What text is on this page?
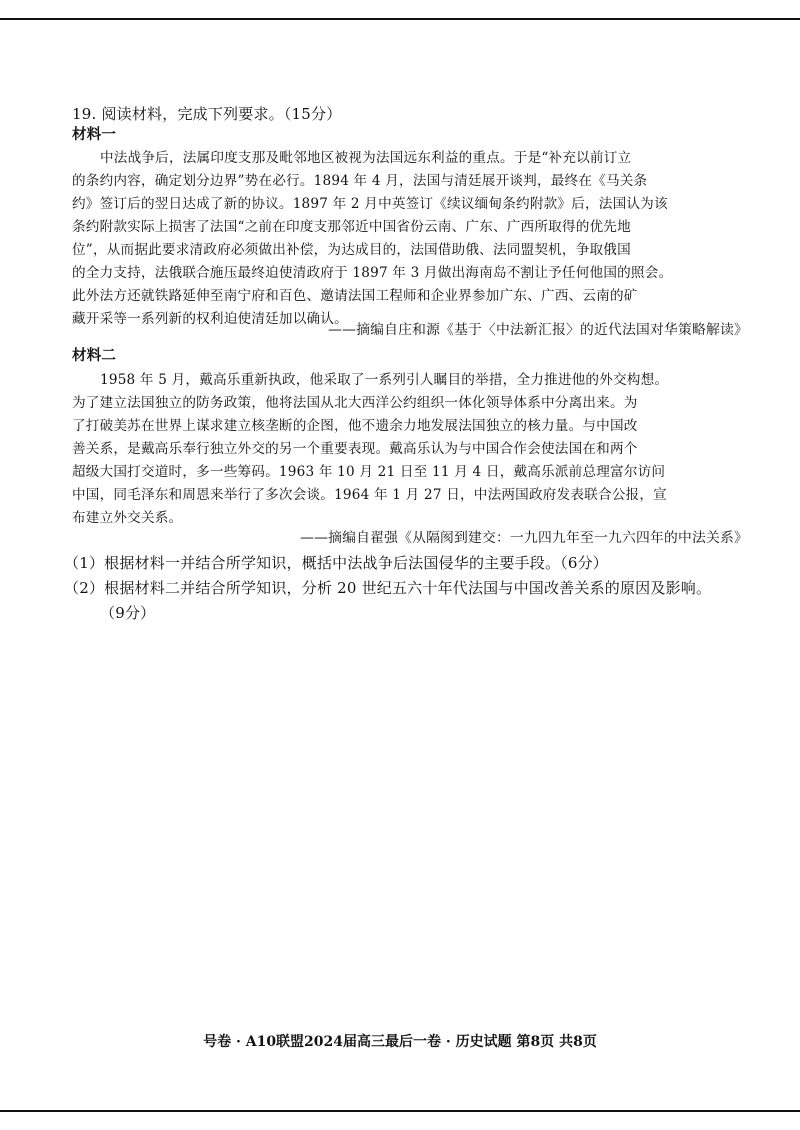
19. 阅读材料，完成下列要求。（15分）
材料一
中法战争后，法属印度支那及毗邻地区被视为法国远东利益的重点。于是“补充以前订立
的条约内容，确定划分边界”势在必行。1894 年 4 月，法国与清廷展开谈判，最终在《马关条
约》签订后的翌日达成了新的协议。1897 年 2 月中英签订《续议缅甸条约附款》后，法国认为该
条约附款实际上损害了法国“之前在印度支那邻近中国省份云南、广东、广西所取得的优先地
位”，从而据此要求清政府必须做出补偿，为达成目的，法国借助俄、法同盟契机，争取俄国
的全力支持，法俄联合施压最终迫使清政府于 1897 年 3 月做出海南岛不割让予任何他国的照会。
此外法方还就铁路延伸至南宁府和百色、邀请法国工程师和企业界参加广东、广西、云南的矿
藏开采等一系列新的权利迫使清廷加以确认。
——摘编自庄和源《基于〈中法新汇报〉的近代法国对华策略解读》
材料二
1958 年 5 月，戴高乐重新执政，他采取了一系列引人瞩目的举措，全力推进他的外交构想。
为了建立法国独立的防务政策，他将法国从北大西洋公约组织一体化领导体系中分离出来。为
了打破美苏在世界上谋求建立核垄断的企图，他不遗余力地发展法国独立的核力量。与中国改
善关系，是戴高乐奉行独立外交的另一个重要表现。戴高乐认为与中国合作会使法国在和两个
超级大国打交道时，多一些筹码。1963 年 10 月 21 日至 11 月 4 日，戴高乐派前总理富尔访问
中国，同毛泽东和周恩来举行了多次会谈。1964 年 1 月 27 日，中法两国政府发表联合公报，宣
布建立外交关系。
——摘编自翟强《从隔阂到建交：一九四九年至一九六四年的中法关系》
（1）根据材料一并结合所学知识，概括中法战争后法国侵华的主要手段。（6分）
（2）根据材料二并结合所学知识，分析 20 世纪五六十年代法国与中国改善关系的原因及影响。
（9分）
号卷 · A10联盟2024届高三最后一卷 · 历史试题 第8页 共8页
